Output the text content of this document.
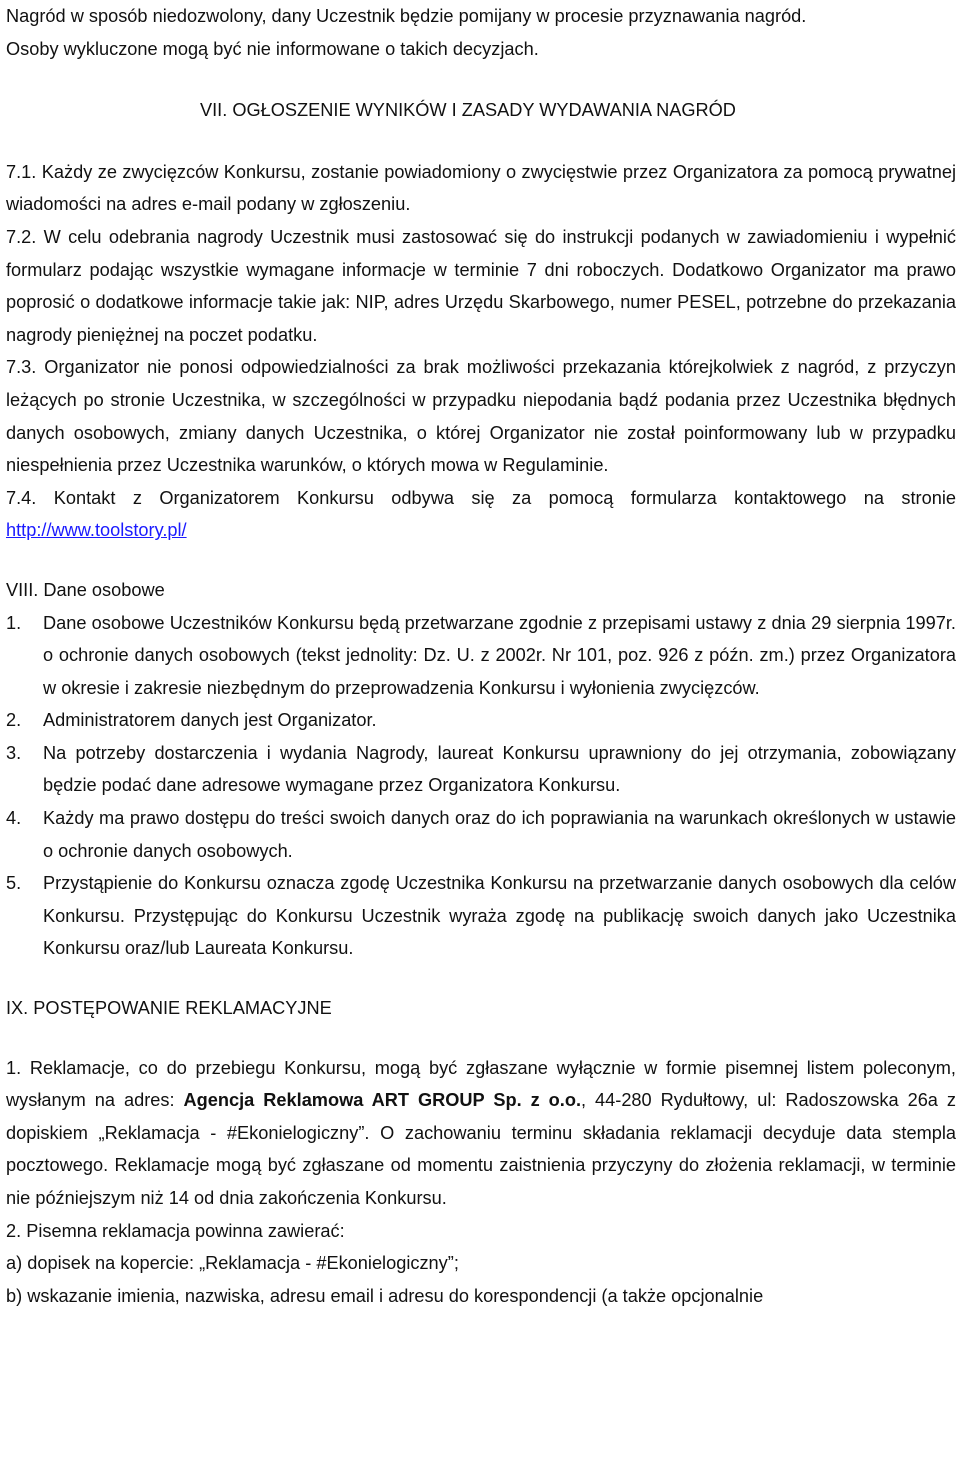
Nagród w sposób niedozwolony, dany Uczestnik będzie pomijany w procesie przyznawania nagród.

Osoby wykluczone mogą być nie informowane o takich decyzjach.

VII. OGŁOSZENIE WYNIKÓW I ZASADY WYDAWANIA NAGRÓD

7.1. Każdy ze zwycięzców Konkursu, zostanie powiadomiony o zwycięstwie przez Organizatora za pomocą prywatnej wiadomości na adres e-mail podany w zgłoszeniu.

7.2. W celu odebrania nagrody Uczestnik musi zastosować się do instrukcji podanych w zawiadomieniu i wypełnić formularz podając wszystkie wymagane informacje w terminie 7 dni roboczych. Dodatkowo Organizator ma prawo poprosić o dodatkowe informacje takie jak: NIP, adres Urzędu Skarbowego, numer PESEL, potrzebne do przekazania nagrody pieniężnej na poczet podatku.

7.3. Organizator nie ponosi odpowiedzialności za brak możliwości przekazania którejkolwiek z nagród, z przyczyn leżących po stronie Uczestnika, w szczególności w przypadku niepodania bądź podania przez Uczestnika błędnych danych osobowych, zmiany danych Uczestnika, o której Organizator nie został poinformowany lub w przypadku niespełnienia przez Uczestnika warunków, o których mowa w Regulaminie.

7.4. Kontakt z Organizatorem Konkursu odbywa się za pomocą formularza kontaktowego na stronie http://www.toolstory.pl/

VIII. Dane osobowe

1. Dane osobowe Uczestników Konkursu będą przetwarzane zgodnie z przepisami ustawy z dnia 29 sierpnia 1997r. o ochronie danych osobowych (tekst jednolity: Dz. U. z 2002r. Nr 101, poz. 926 z późn. zm.) przez Organizatora w okresie i zakresie niezbędnym do przeprowadzenia Konkursu i wyłonienia zwycięzców.
2. Administratorem danych jest Organizator.
3. Na potrzeby dostarczenia i wydania Nagrody, laureat Konkursu uprawniony do jej otrzymania, zobowiązany będzie podać dane adresowe wymagane przez Organizatora Konkursu.
4. Każdy ma prawo dostępu do treści swoich danych oraz do ich poprawiania na warunkach określonych w ustawie o ochronie danych osobowych.
5. Przystąpienie do Konkursu oznacza zgodę Uczestnika Konkursu na przetwarzanie danych osobowych dla celów Konkursu. Przystępując do Konkursu Uczestnik wyraża zgodę na publikację swoich danych jako Uczestnika Konkursu oraz/lub Laureata Konkursu.

IX. POSTĘPOWANIE REKLAMACYJNE

1. Reklamacje, co do przebiegu Konkursu, mogą być zgłaszane wyłącznie w formie pisemnej listem poleconym, wysłanym na adres: Agencja Reklamowa ART GROUP Sp. z o.o., 44-280 Rydułtowy, ul: Radoszowska 26a z dopiskiem „Reklamacja - #Ekonielogiczny”. O zachowaniu terminu składania reklamacji decyduje data stempla pocztowego. Reklamacje mogą być zgłaszane od momentu zaistnienia przyczyny do złożenia reklamacji, w terminie nie późniejszym niż 14 od dnia zakończenia Konkursu.

2. Pisemna reklamacja powinna zawierać:

a) dopisek na kopercie: „Reklamacja - #Ekonielogiczny”;

b) wskazanie imienia, nazwiska, adresu email i adresu do korespondencji (a także opcjonalnie
